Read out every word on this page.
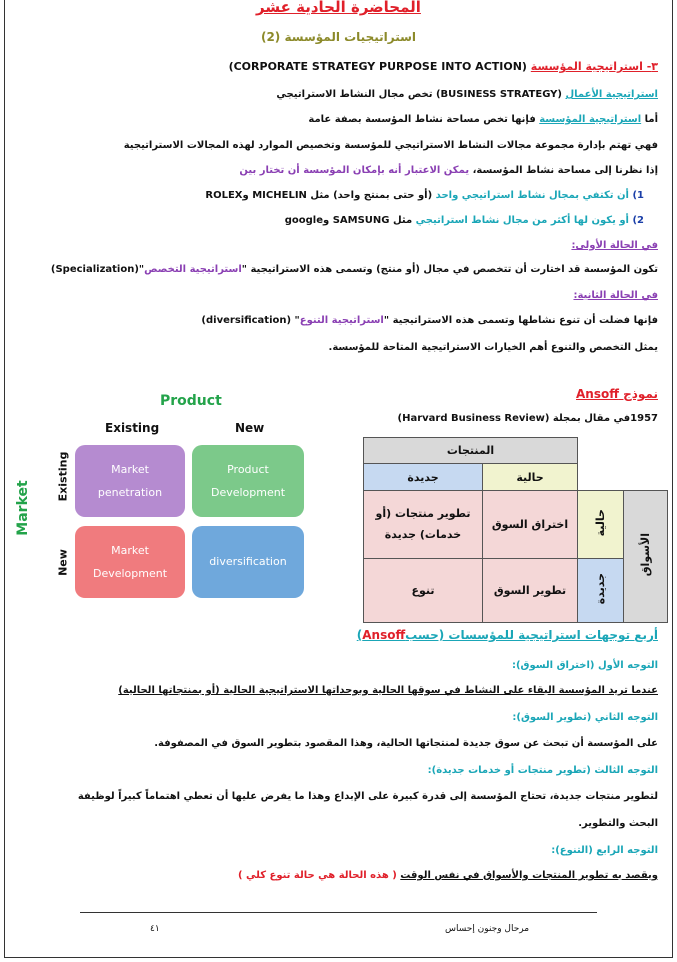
المحاضرة الحادية عشر
استراتيجيات المؤسسة (2)
٣- استراتيجية المؤسسة (CORPORATE STRATEGY PURPOSE INTO ACTION)
استراتيجية الأعمال (BUSINESS STRATEGY) تخص مجال النشاط الاستراتيجي
أما استراتيجية المؤسسة فإنها تخص مساحة نشاط المؤسسة بصفة عامة
فهي تهتم بإدارة مجموعة مجالات النشاط الاستراتيجي للمؤسسة وتخصيص الموارد لهذه المجالات الاستراتيجية
إذا نظرنا إلى مساحة نشاط المؤسسة، يمكن الاعتبار أنه بإمكان المؤسسة أن تختار بين
1) أن تكتفي بمجال نشاط استراتيجي واحد (أو حتى بمنتج واحد) مثل MICHELIN وROLEX
2) أو يكون لها أكثر من مجال نشاط استراتيجي مثل SAMSUNG وgoogle
في الحالة الأولى:
تكون المؤسسة قد اختارت أن تتخصص في مجال (أو منتج) وتسمى هذه الاستراتيجية "استراتيجية التخصص"(Specialization)
في الحالة الثانية:
فإنها فضلت أن تنوع نشاطها وتسمى هذه الاستراتيجية "استراتيجية التنوع" (diversification)
يمثل التخصص والتنوع أهم الخيارات الاستراتيجية المتاحة للمؤسسة.
نموذج Ansoff
1957في مقال بمجلة (Harvard Business Review)
Product
Existing	New
Market
Existing
New
Market
penetration
Product
Development
Market
Development
diversification
		المنتجات	
		حالية	جديدة
الأسواق	حالية	اختراق السوق	تطوير منتجات (أو خدمات) جديدة
	جديدة	تطوير السوق	تنوع
أربع توجهات استراتيجية للمؤسسات (حسبAnsoff)
التوجه الأول (اختراق السوق):
عندما تريد المؤسسة البقاء على النشاط في سوقها الحالية وبوحداتها الاستراتيجية الحالية (أو بمنتجاتها الحالية)
التوجه الثاني (تطوير السوق):
على المؤسسة أن تبحث عن سوق جديدة لمنتجاتها الحالية، وهذا المقصود بتطوير السوق في المصفوفة.
التوجه الثالث (تطوير منتجات أو خدمات جديدة):
لتطوير منتجات جديدة، تحتاج المؤسسة إلى قدرة كبيرة على الإبداع وهذا ما يفرض عليها أن تعطي اهتماماً كبيراً لوظيفة
البحث والتطوير.
التوجه الرابع (التنوع):
ويقصد به تطوير المنتجات والأسواق في نفس الوقت ( هذه الحالة هي حالة تنوع كلي )
مرحال وجنون إحساس
٤١
